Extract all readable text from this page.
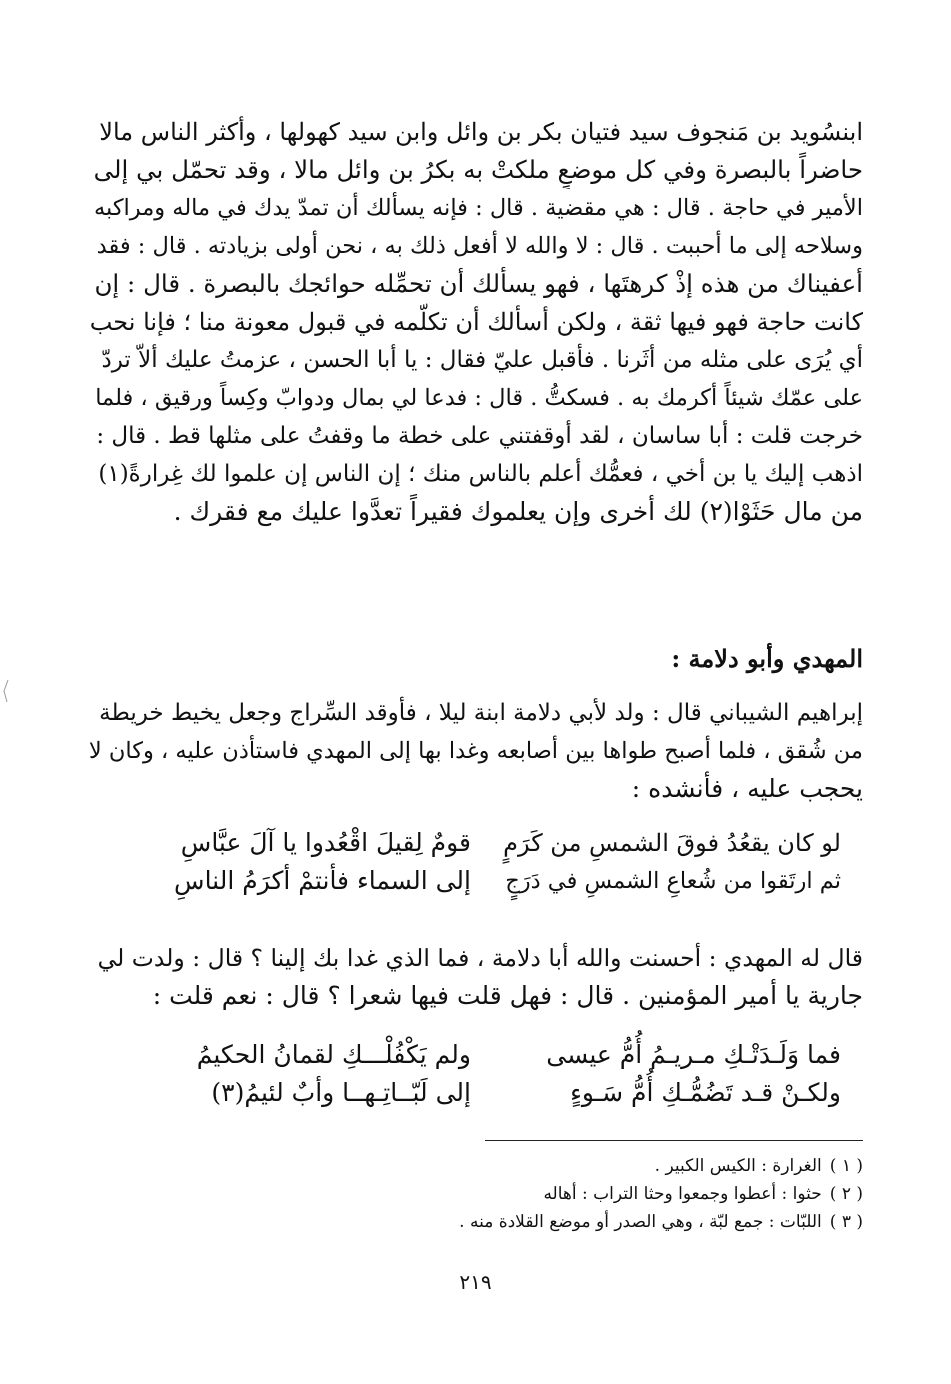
ابنسُويد بن مَنجوف سيد فتيان بكر بن وائل وابن سيد كهولها ، وأكثر الناس مالا
حاضراً بالبصرة وفي كل موضعٍ ملكتْ به بكرُ بن وائل مالا ، وقد تحمّل بي إلى
الأمير في حاجة . قال : هي مقضية . قال : فإنه يسألك أن تمدّ يدك في ماله ومراكبه
وسلاحه إلى ما أحببت . قال : لا والله لا أفعل ذلك به ، نحن أولى بزيادته . قال : فقد
أعفيناك من هذه إذْ كرهتَها ، فهو يسألك أن تحمِّله حوائجك بالبصرة . قال : إن
كانت حاجة فهو فيها ثقة ، ولكن أسألك أن تكلّمه في قبول معونة منا ؛ فإنا نحب
أي يُرَى على مثله من أثَرنا . فأقبل عليّ فقال : يا أبا الحسن ، عزمتُ عليك ألاّ تردّ
على عمّك شيئاً أكرمك به . فسكتُّ . قال : فدعا لي بمال ودوابّ وكِساً ورقيق ، فلما
خرجت قلت : أبا ساسان ، لقد أوقفتني على خطة ما وقفتُ على مثلها قط . قال :
اذهب إليك يا بن أخي ، فعمُّك أعلم بالناس منك ؛ إن الناس إن علموا لك غِرارةً(١)
من مال حَثَوْا(٢) لك أخرى وإن يعلموك فقيراً تعدَّوا عليك مع فقرك .
المهدي وأبو دلامة :
إبراهيم الشيباني قال : ولد لأبي دلامة ابنة ليلا ، فأوقد السِّراج وجعل يخيط خريطة
من شُقق ، فلما أصبح طواها بين أصابعه وغدا بها إلى المهدي فاستأذن عليه ، وكان لا
يحجب عليه ، فأنشده :
لو كان يقعُدُ فوقَ الشمسِ من كَرَمٍ
قومٌ لِقيلَ اقْعُدوا يا آلَ عبَّاسِ
ثم ارتَقوا من شُعاعِ الشمسِ في دَرَجٍ
إلى السماء فأنتمْ أكرَمُ الناسِ
قال له المهدي : أحسنت والله أبا دلامة ، فما الذي غدا بك إلينا ؟ قال : ولدت لي
جارية يا أمير المؤمنين . قال : فهل قلت فيها شعرا ؟ قال : نعم قلت :
فما وَلَـدَتْـكِ مـريـمُ أُمُّ عيسى
ولم يَكْفُلْـــكِ لقمانُ الحكيمُ
ولكـنْ قـد تَضُمُّـكِ أُمُّ سَـوءٍ
إلى لَبّــاتِـهــا وأبٌ لئيمُ(٣)
( ١ )الغرارة : الكيس الكبير .
( ٢ )حثوا : أعطوا وجمعوا وحثا التراب : أهاله
( ٣ )اللبّات : جمع لبّة ، وهي الصدر أو موضع القلادة منه .
٢١٩
